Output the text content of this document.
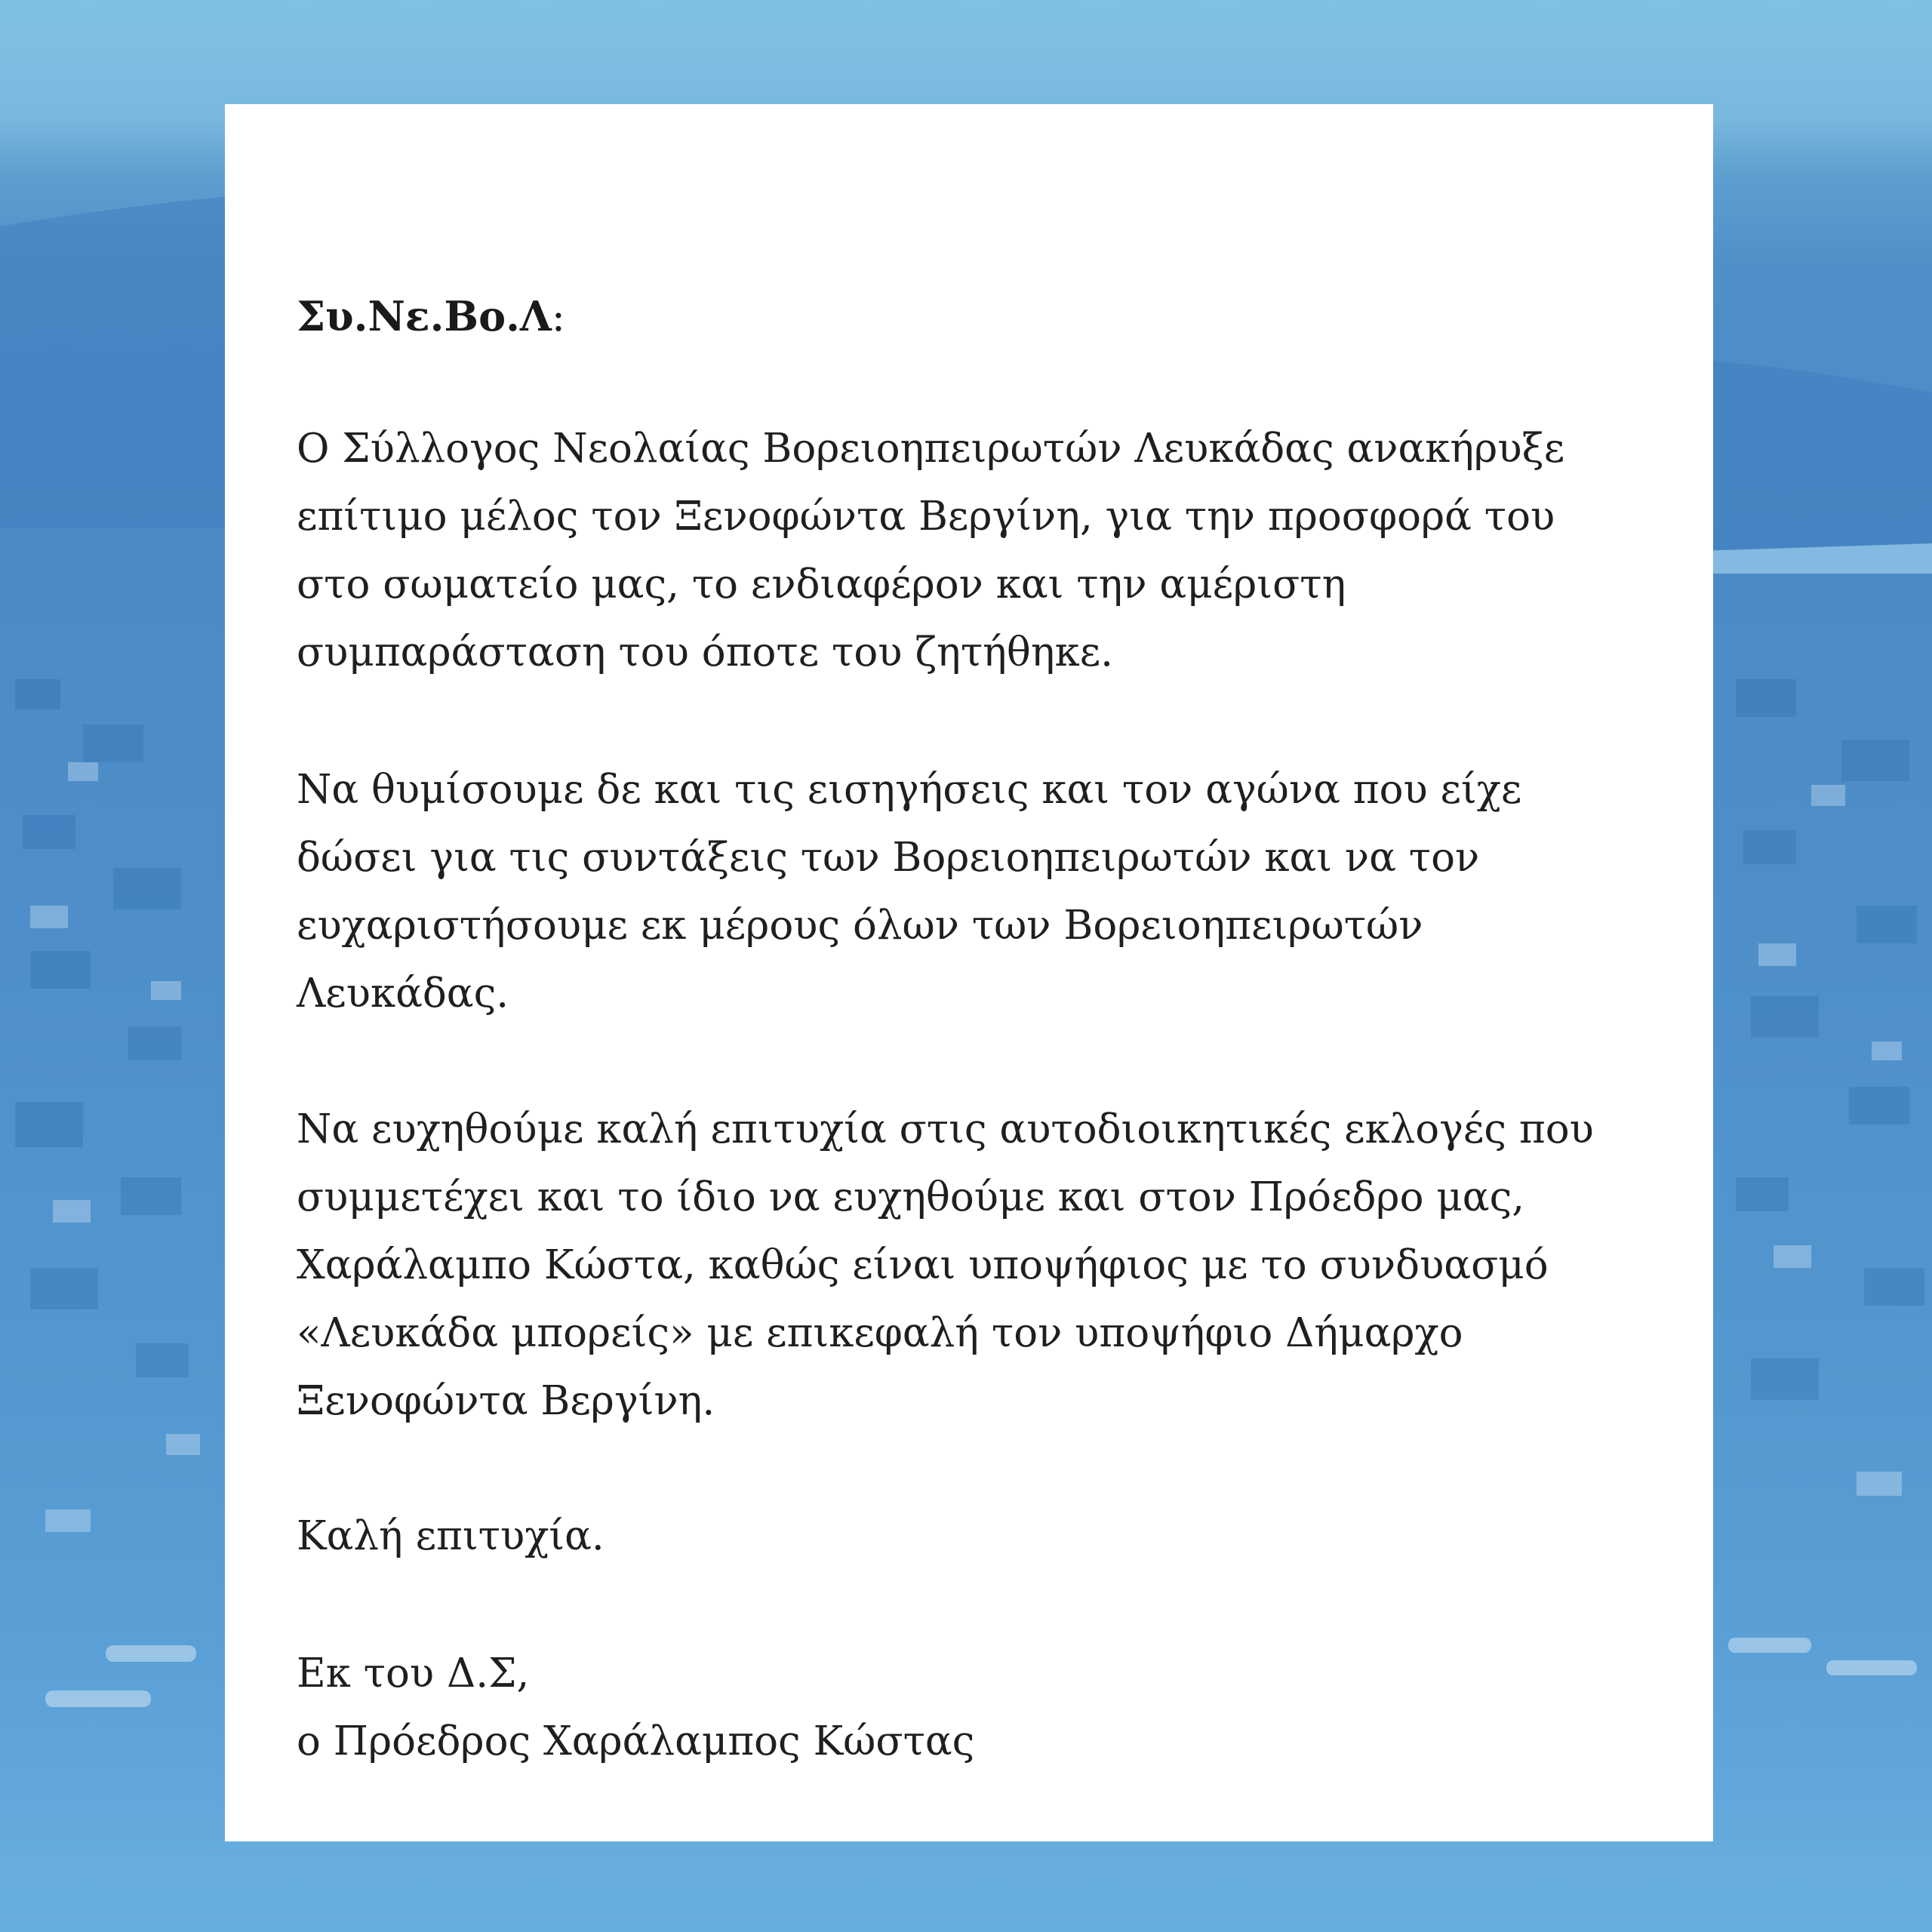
Συ.Νε.Βο.Λ:

Ο Σύλλογος Νεολαίας Βορειοηπειρωτών Λευκάδας ανακήρυξε
επίτιμο μέλος τον Ξενοφώντα Βεργίνη, για την προσφορά του
στο σωματείο μας, το ενδιαφέρον και την αμέριστη
συμπαράσταση του όποτε του ζητήθηκε.

Να θυμίσουμε δε και τις εισηγήσεις και τον αγώνα που είχε
δώσει για τις συντάξεις των Βορειοηπειρωτών και να τον
ευχαριστήσουμε εκ μέρους όλων των Βορειοηπειρωτών
Λευκάδας.

Να ευχηθούμε καλή επιτυχία στις αυτοδιοικητικές εκλογές που
συμμετέχει και το ίδιο να ευχηθούμε και στον Πρόεδρο μας,
Χαράλαμπο Κώστα, καθώς είναι υποψήφιος με το συνδυασμό
«Λευκάδα μπορείς» με επικεφαλή τον υποψήφιο Δήμαρχο
Ξενοφώντα Βεργίνη.

Καλή επιτυχία.

Εκ του Δ.Σ,
ο Πρόεδρος Χαράλαμπος Κώστας
